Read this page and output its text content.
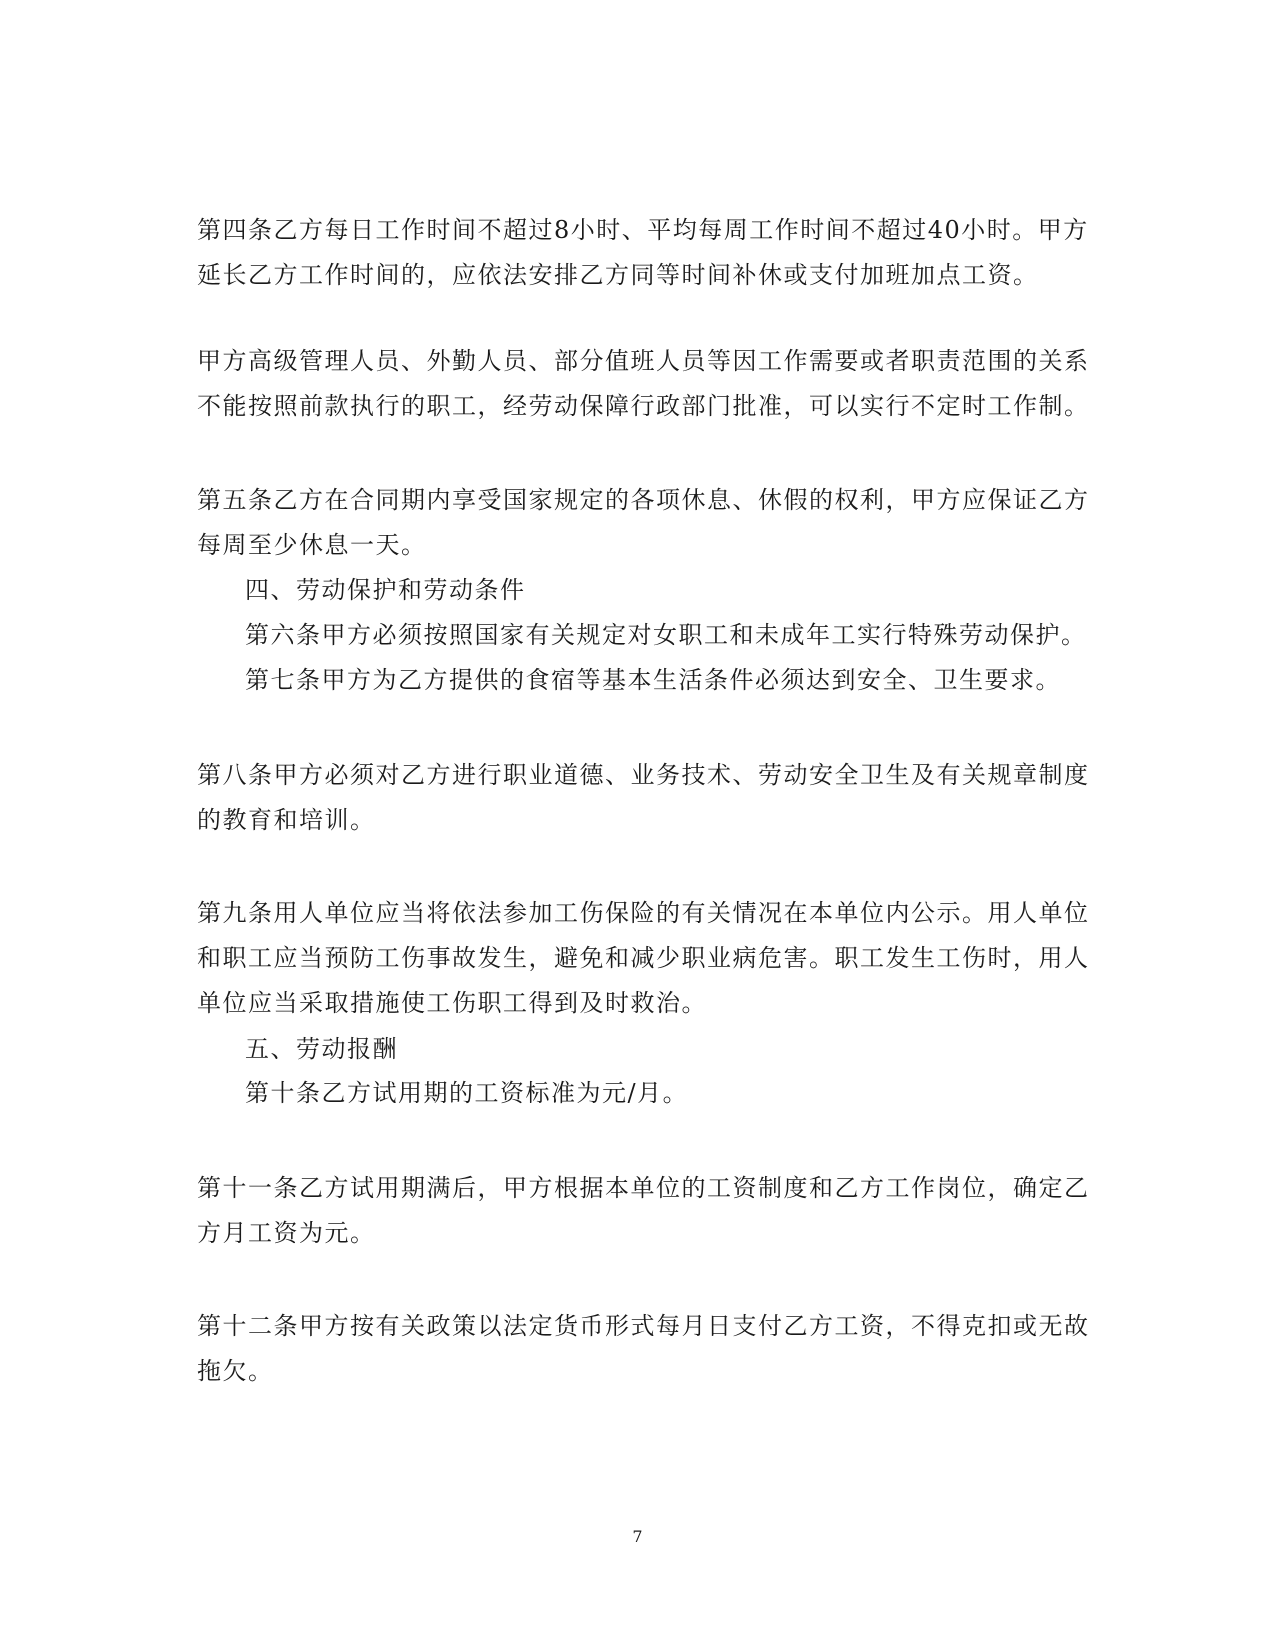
第四条乙方每日工作时间不超过8小时、平均每周工作时间不超过40小时。甲方
延长乙方工作时间的，应依法安排乙方同等时间补休或支付加班加点工资。
甲方高级管理人员、外勤人员、部分值班人员等因工作需要或者职责范围的关系
不能按照前款执行的职工，经劳动保障行政部门批准，可以实行不定时工作制。
第五条乙方在合同期内享受国家规定的各项休息、休假的权利，甲方应保证乙方
每周至少休息一天。
四、劳动保护和劳动条件
第六条甲方必须按照国家有关规定对女职工和未成年工实行特殊劳动保护。
第七条甲方为乙方提供的食宿等基本生活条件必须达到安全、卫生要求。
第八条甲方必须对乙方进行职业道德、业务技术、劳动安全卫生及有关规章制度
的教育和培训。
第九条用人单位应当将依法参加工伤保险的有关情况在本单位内公示。用人单位
和职工应当预防工伤事故发生，避免和减少职业病危害。职工发生工伤时，用人
单位应当采取措施使工伤职工得到及时救治。
五、劳动报酬
第十条乙方试用期的工资标准为元/月。
第十一条乙方试用期满后，甲方根据本单位的工资制度和乙方工作岗位，确定乙
方月工资为元。
第十二条甲方按有关政策以法定货币形式每月日支付乙方工资，不得克扣或无故
拖欠。
7
